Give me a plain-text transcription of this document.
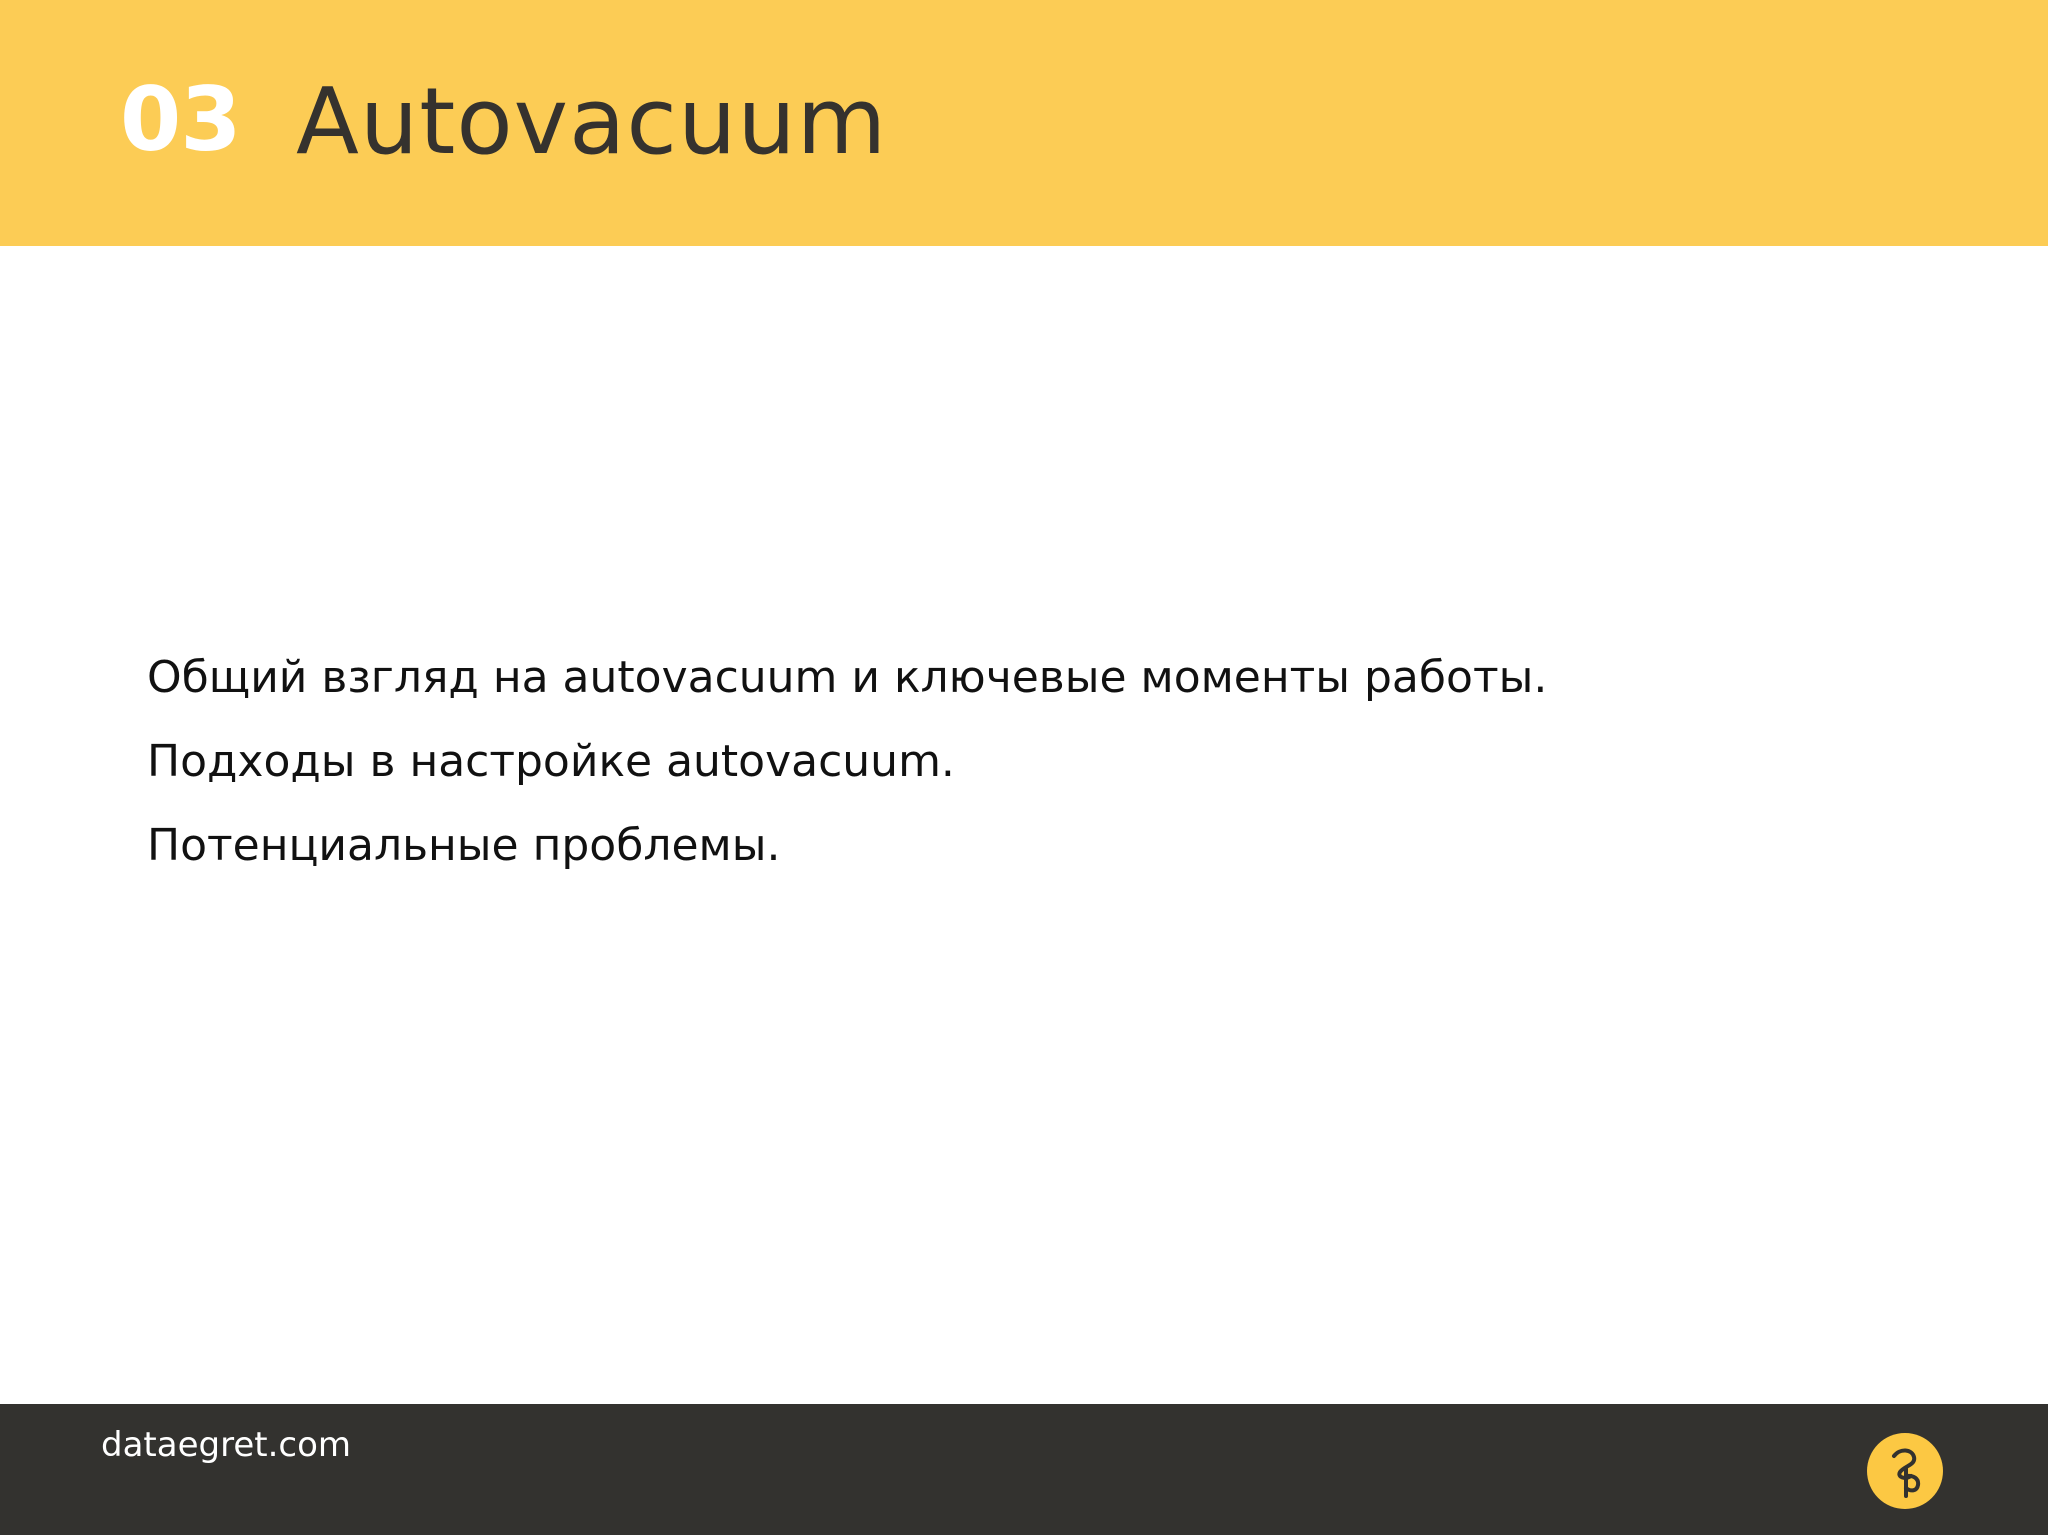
03 Autovacuum
Общий взгляд на autovacuum и ключевые моменты работы.
Подходы в настройке autovacuum.
Потенциальные проблемы.
dataegret.com
